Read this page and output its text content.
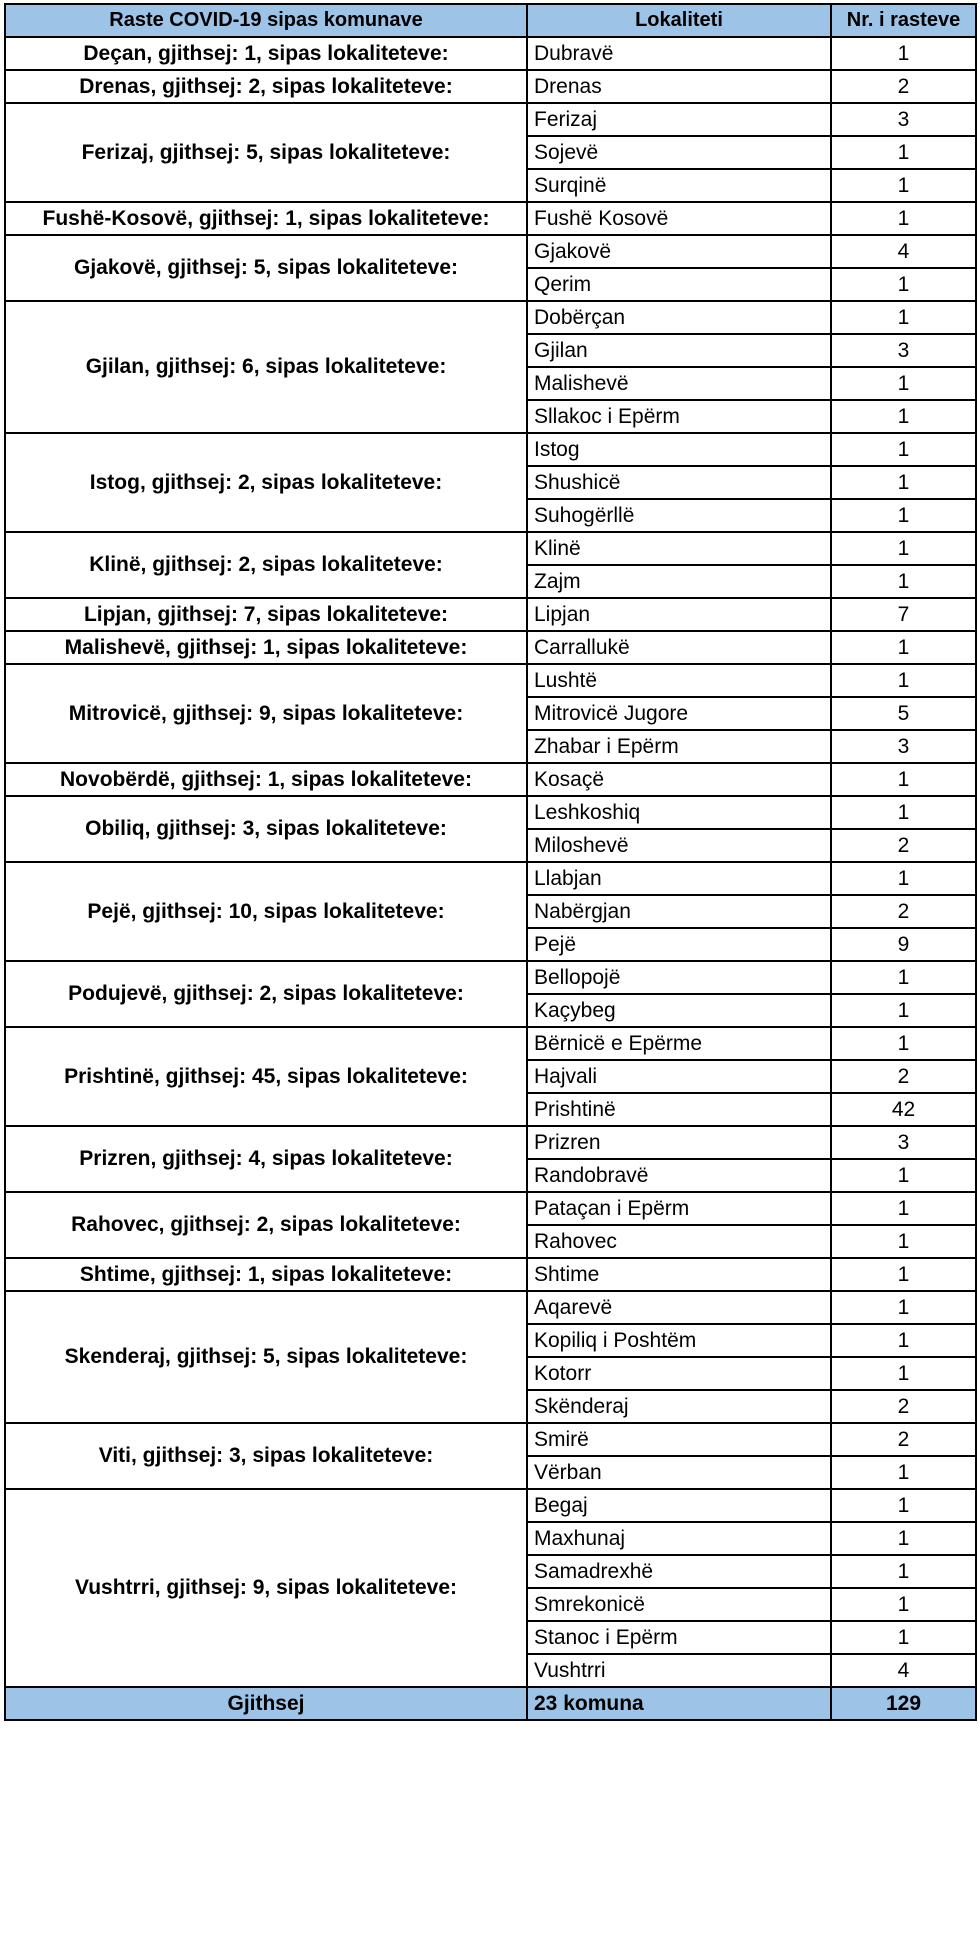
Raste COVID-19 sipas komunave	Lokaliteti	Nr. i rasteve
Deçan, gjithsej: 1, sipas lokaliteteve:	Dubravë	1
Drenas, gjithsej: 2, sipas lokaliteteve:	Drenas	2
Ferizaj, gjithsej: 5, sipas lokaliteteve:	Ferizaj	3
	Sojevë	1
	Surqinë	1
Fushë-Kosovë, gjithsej: 1, sipas lokaliteteve:	Fushë Kosovë	1
Gjakovë, gjithsej: 5, sipas lokaliteteve:	Gjakovë	4
	Qerim	1
Gjilan, gjithsej: 6, sipas lokaliteteve:	Dobërçan	1
	Gjilan	3
	Malishevë	1
	Sllakoc i Epërm	1
Istog, gjithsej: 2, sipas lokaliteteve:	Istog	1
	Shushicë	1
	Suhogërllë	1
Klinë, gjithsej: 2, sipas lokaliteteve:	Klinë	1
	Zajm	1
Lipjan, gjithsej: 7, sipas lokaliteteve:	Lipjan	7
Malishevë, gjithsej: 1, sipas lokaliteteve:	Carrallukë	1
Mitrovicë, gjithsej: 9, sipas lokaliteteve:	Lushtë	1
	Mitrovicë Jugore	5
	Zhabar i Epërm	3
Novobërdë, gjithsej: 1, sipas lokaliteteve:	Kosaçë	1
Obiliq, gjithsej: 3, sipas lokaliteteve:	Leshkoshiq	1
	Miloshevë	2
Pejë, gjithsej: 10, sipas lokaliteteve:	Llabjan	1
	Nabërgjan	2
	Pejë	9
Podujevë, gjithsej: 2, sipas lokaliteteve:	Bellopojë	1
	Kaçybeg	1
Prishtinë, gjithsej: 45, sipas lokaliteteve:	Bërnicë e Epërme	1
	Hajvali	2
	Prishtinë	42
Prizren, gjithsej: 4, sipas lokaliteteve:	Prizren	3
	Randobravë	1
Rahovec, gjithsej: 2, sipas lokaliteteve:	Pataçan i Epërm	1
	Rahovec	1
Shtime, gjithsej: 1, sipas lokaliteteve:	Shtime	1
Skenderaj, gjithsej: 5, sipas lokaliteteve:	Aqarevë	1
	Kopiliq i Poshtëm	1
	Kotorr	1
	Skënderaj	2
Viti, gjithsej: 3, sipas lokaliteteve:	Smirë	2
	Vërban	1
Vushtrri, gjithsej: 9, sipas lokaliteteve:	Begaj	1
	Maxhunaj	1
	Samadrexhë	1
	Smrekonicë	1
	Stanoc i Epërm	1
	Vushtrri	4
Gjithsej	23 komuna	129
